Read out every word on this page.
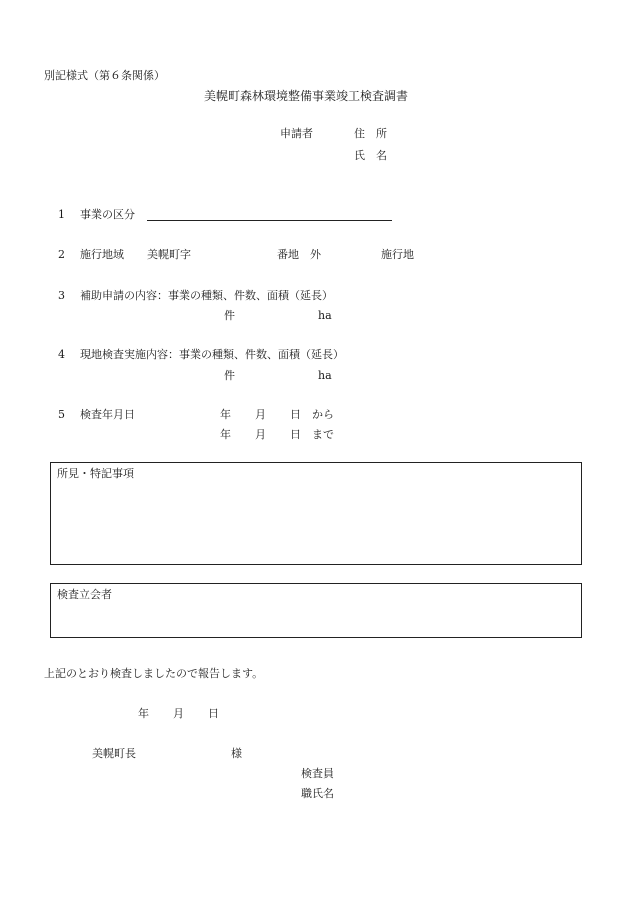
別記様式（第６条関係）
美幌町森林環境整備事業竣工検査調書
申請者	住　所
氏　名
1 事業の区分
2 施行地域 美幌町字	番地　外	施行地
3 補助申請の内容：事業の種類、件数、面積（延長）
件	ha
4 現地検査実施内容：事業の種類、件数、面積（延長）
件	ha
5 検査年月日	年 月 日 から
年 月 日 まで
所見・特記事項
検査立会者
上記のとおり検査しましたので報告します。
年 月 日
美幌町長	様
検査員
職氏名
